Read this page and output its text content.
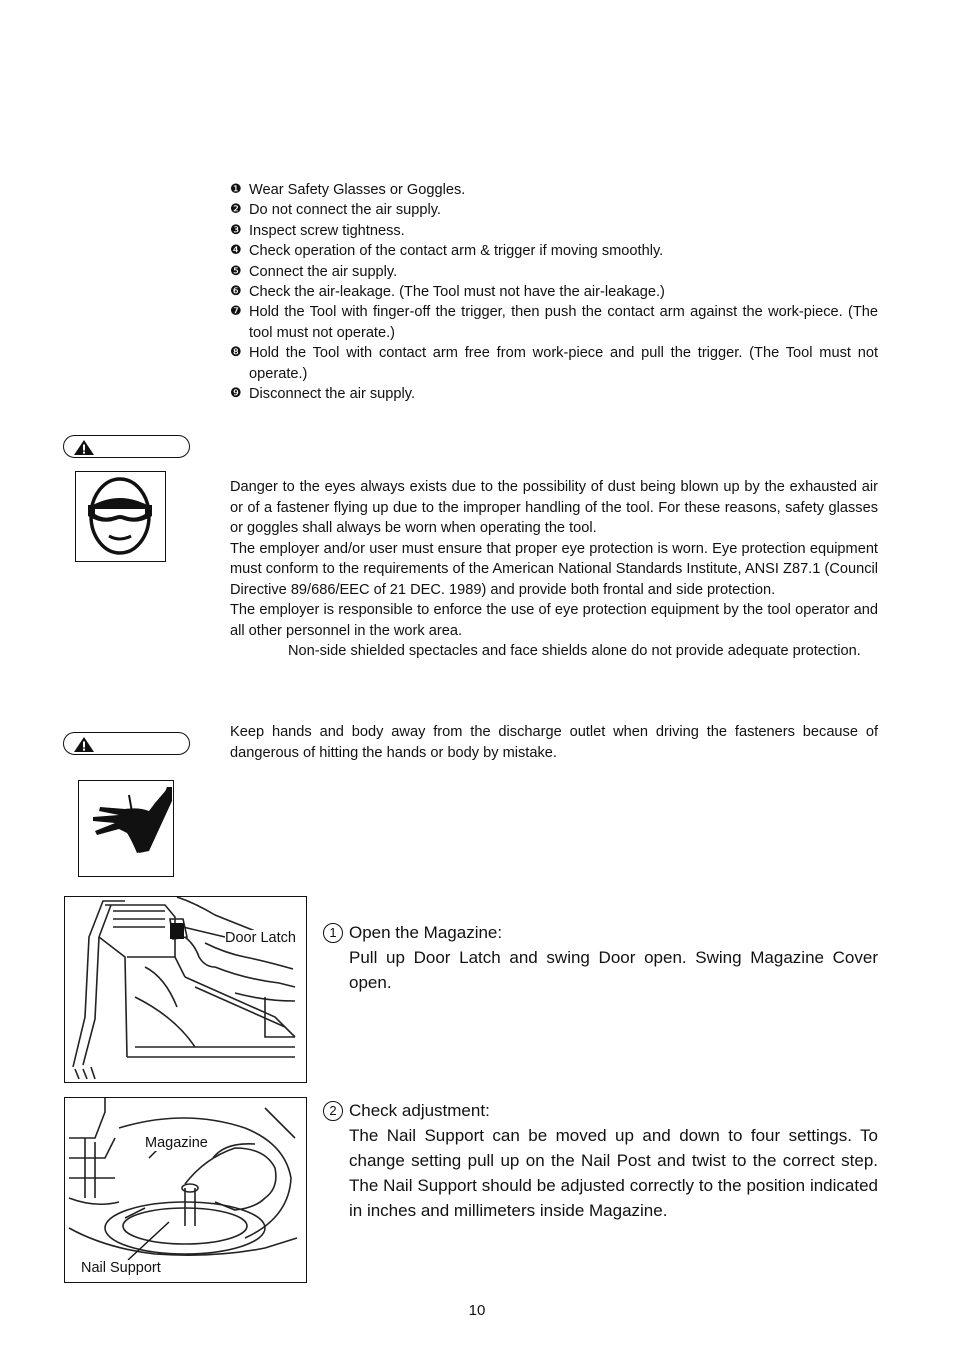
❶ Wear Safety Glasses or Goggles.
❷ Do not connect the air supply.
❸ Inspect screw tightness.
❹ Check operation of the contact arm & trigger if moving smoothly.
❺ Connect the air supply.
❻ Check the air-leakage. (The Tool must not have the air-leakage.)
❼ Hold the Tool with finger-off the trigger, then push the contact arm against the work-piece. (The tool must not operate.)
❽ Hold the Tool with contact arm free from work-piece and pull the trigger. (The Tool must not operate.)
❾ Disconnect the air supply.

Danger to the eyes always exists due to the possibility of dust being blown up by the exhausted air or of a fastener flying up due to the improper handling of the tool. For these reasons, safety glasses or goggles shall always be worn when operating the tool.

The employer and/or user must ensure that proper eye protection is worn. Eye protection equipment must conform to the requirements of the American National Standards Institute, ANSI Z87.1 (Council Directive 89/686/EEC of 21 DEC. 1989) and provide both frontal and side protection.

The employer is responsible to enforce the use of eye protection equipment by the tool operator and all other personnel in the work area.

Non-side shielded spectacles and face shields alone do not provide adequate protection.

Keep hands and body away from the discharge outlet when driving the fasteners because of dangerous of hitting the hands or body by mistake.

Door Latch
Magazine
Nail Support
1 Open the Magazine:
Pull up Door Latch and swing Door open. Swing Magazine Cover open.
2 Check adjustment:
The Nail Support can be moved up and down to four settings. To change setting pull up on the Nail Post and twist to the correct step. The Nail Support should be adjusted correctly to the position indicated in inches and millimeters inside Magazine.
10
